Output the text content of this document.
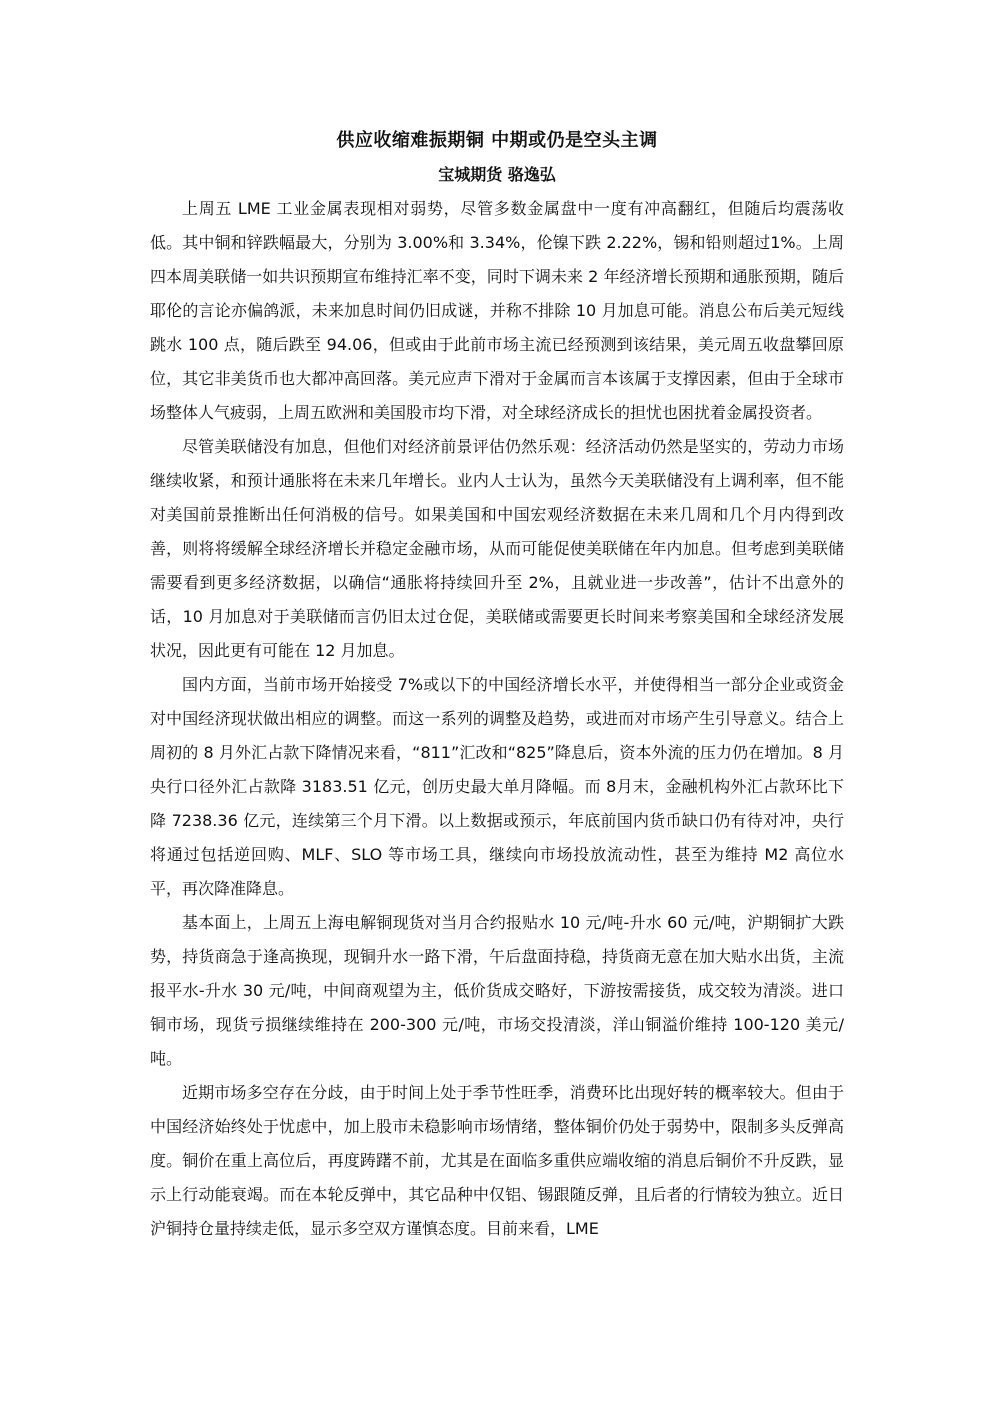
供应收缩难振期铜 中期或仍是空头主调

宝城期货 骆逸弘

上周五 LME 工业金属表现相对弱势，尽管多数金属盘中一度有冲高翻红，但随后均震荡收低。其中铜和锌跌幅最大，分别为 3.00%和 3.34%，伦镍下跌 2.22%，锡和铅则超过1%。上周四本周美联储一如共识预期宣布维持汇率不变，同时下调未来 2 年经济增长预期和通胀预期，随后耶伦的言论亦偏鸽派，未来加息时间仍旧成谜，并称不排除 10 月加息可能。消息公布后美元短线跳水 100 点，随后跌至 94.06，但或由于此前市场主流已经预测到该结果，美元周五收盘攀回原位，其它非美货币也大都冲高回落。美元应声下滑对于金属而言本该属于支撑因素，但由于全球市场整体人气疲弱，上周五欧洲和美国股市均下滑，对全球经济成长的担忧也困扰着金属投资者。

尽管美联储没有加息，但他们对经济前景评估仍然乐观：经济活动仍然是坚实的，劳动力市场继续收紧，和预计通胀将在未来几年增长。业内人士认为，虽然今天美联储没有上调利率，但不能对美国前景推断出任何消极的信号。如果美国和中国宏观经济数据在未来几周和几个月内得到改善，则将将缓解全球经济增长并稳定金融市场，从而可能促使美联储在年内加息。但考虑到美联储需要看到更多经济数据，以确信“通胀将持续回升至 2%，且就业进一步改善”，估计不出意外的话，10 月加息对于美联储而言仍旧太过仓促，美联储或需要更长时间来考察美国和全球经济发展状况，因此更有可能在 12 月加息。

国内方面，当前市场开始接受 7%或以下的中国经济增长水平，并使得相当一部分企业或资金对中国经济现状做出相应的调整。而这一系列的调整及趋势，或进而对市场产生引导意义。结合上周初的 8 月外汇占款下降情况来看，“811”汇改和“825”降息后，资本外流的压力仍在增加。8 月央行口径外汇占款降 3183.51 亿元，创历史最大单月降幅。而 8月末，金融机构外汇占款环比下降 7238.36 亿元，连续第三个月下滑。以上数据或预示，年底前国内货币缺口仍有待对冲，央行将通过包括逆回购、MLF、SLO 等市场工具，继续向市场投放流动性，甚至为维持 M2 高位水平，再次降准降息。

基本面上，上周五上海电解铜现货对当月合约报贴水 10 元/吨-升水 60 元/吨，沪期铜扩大跌势，持货商急于逢高换现，现铜升水一路下滑，午后盘面持稳，持货商无意在加大贴水出货，主流报平水-升水 30 元/吨，中间商观望为主，低价货成交略好，下游按需接货，成交较为清淡。进口铜市场，现货亏损继续维持在 200-300 元/吨，市场交投清淡，洋山铜溢价维持 100-120 美元/吨。

近期市场多空存在分歧，由于时间上处于季节性旺季，消费环比出现好转的概率较大。但由于中国经济始终处于忧虑中，加上股市未稳影响市场情绪，整体铜价仍处于弱势中，限制多头反弹高度。铜价在重上高位后，再度踌躇不前，尤其是在面临多重供应端收缩的消息后铜价不升反跌，显示上行动能衰竭。而在本轮反弹中，其它品种中仅铝、锡跟随反弹，且后者的行情较为独立。近日沪铜持仓量持续走低，显示多空双方谨慎态度。目前来看，LME
